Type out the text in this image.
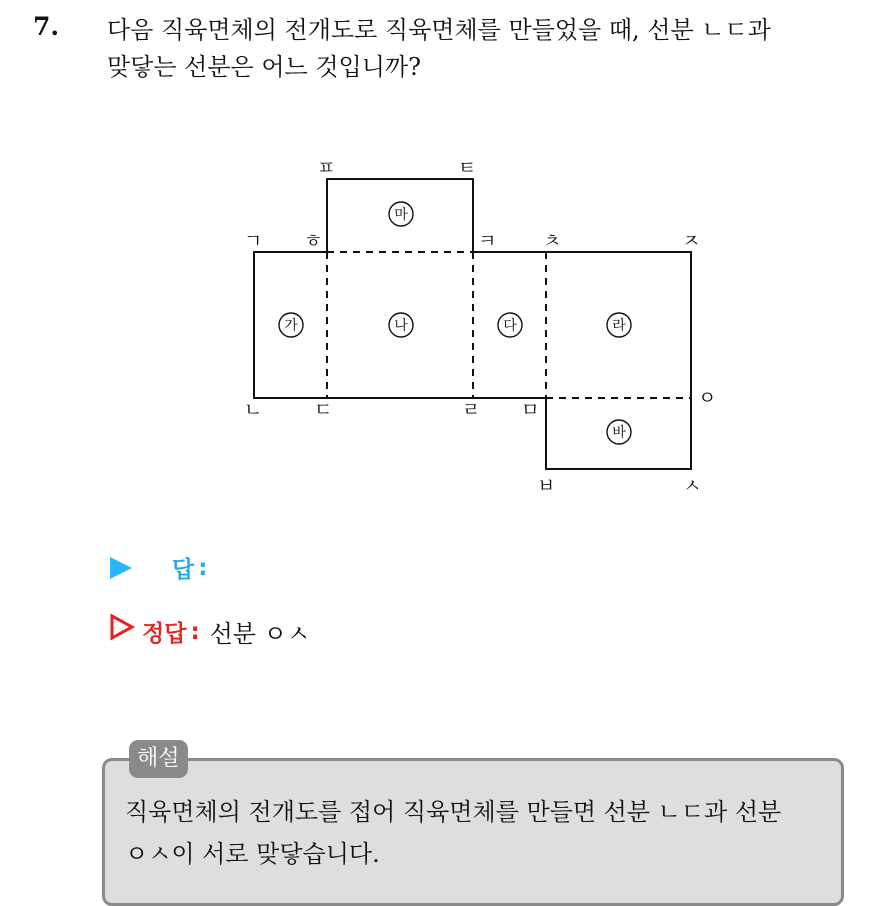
7. 다음 직육면체의 전개도로 직육면체를 만들었을 때, 선분 ㄴㄷ과
맞닿는 선분은 어느 것입니까?
ㄱ ㅎ
ㅍ	ㅌ
ㅋ ㅊ	ㅈ
ㄴ	ㄷ	ㄹ ㅁ
ㅇ
ㅂ	ㅅ
가	나	다	라
마
바
답 :
정답 : 선분 ㅇㅅ
해설
직육면체의 전개도를 접어 직육면체를 만들면 선분 ㄴㄷ과 선분
ㅇㅅ이 서로 맞닿습니다.
